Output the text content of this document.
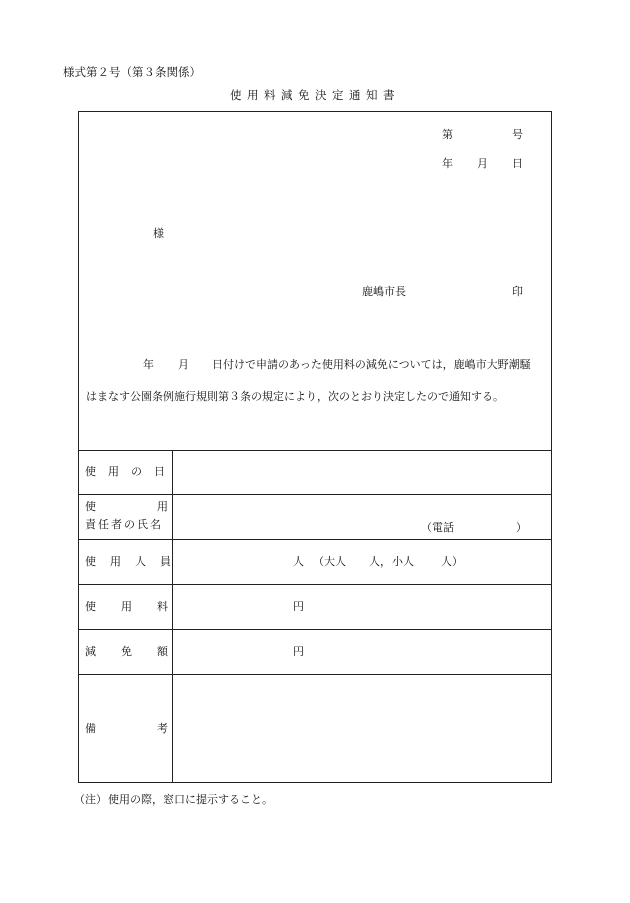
様式第２号（第３条関係）
使用料減免決定通知書
第	号
年 月 日
様
鹿嶋市長	印
年 月 日付けで申請のあった使用料の減免については，鹿嶋市大野潮騒
はまなす公園条例施行規則第３条の規定により，次のとおり決定したので通知する。
使用の日
使用
責任者の氏名	（電話	）
使用人員	人 （大人 人， 小人 人）
使用料	円
減免額	円
備考
（注） 使用の際，窓口に提示すること。
